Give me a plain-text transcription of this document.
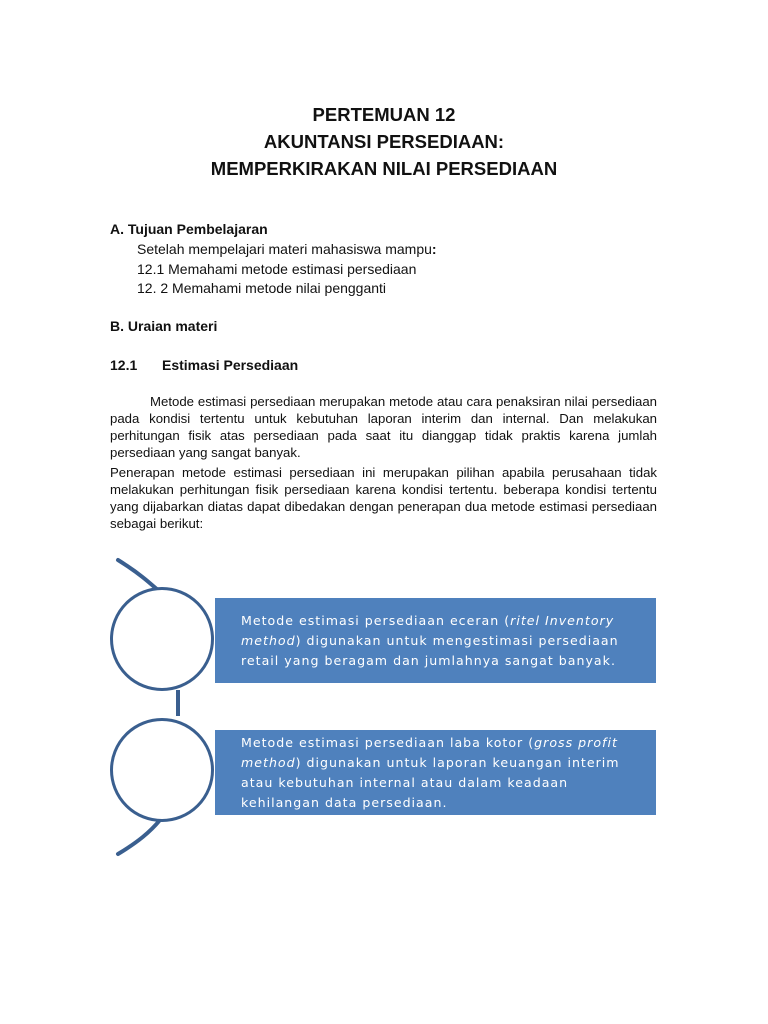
PERTEMUAN 12
AKUNTANSI PERSEDIAAN:
MEMPERKIRAKAN NILAI PERSEDIAAN
A. Tujuan Pembelajaran
Setelah mempelajari materi mahasiswa mampu:
12.1 Memahami metode estimasi persediaan
12. 2 Memahami metode nilai pengganti
B. Uraian materi
12.1 Estimasi Persediaan
Metode estimasi persediaan merupakan metode atau cara penaksiran nilai persediaan pada kondisi tertentu untuk kebutuhan laporan interim dan internal. Dan melakukan perhitungan fisik atas persediaan pada saat itu dianggap tidak praktis karena jumlah persediaan yang sangat banyak.
Penerapan metode estimasi persediaan ini merupakan pilihan apabila perusahaan tidak melakukan perhitungan fisik persediaan karena kondisi tertentu. beberapa kondisi tertentu yang dijabarkan diatas dapat dibedakan dengan penerapan dua metode estimasi persediaan sebagai berikut:
Metode estimasi persediaan eceran (ritel Inventory method) digunakan untuk mengestimasi persediaan retail yang beragam dan jumlahnya sangat banyak.
Metode estimasi persediaan laba kotor (gross profit method) digunakan untuk laporan keuangan interim atau kebutuhan internal atau dalam keadaan kehilangan data persediaan.
